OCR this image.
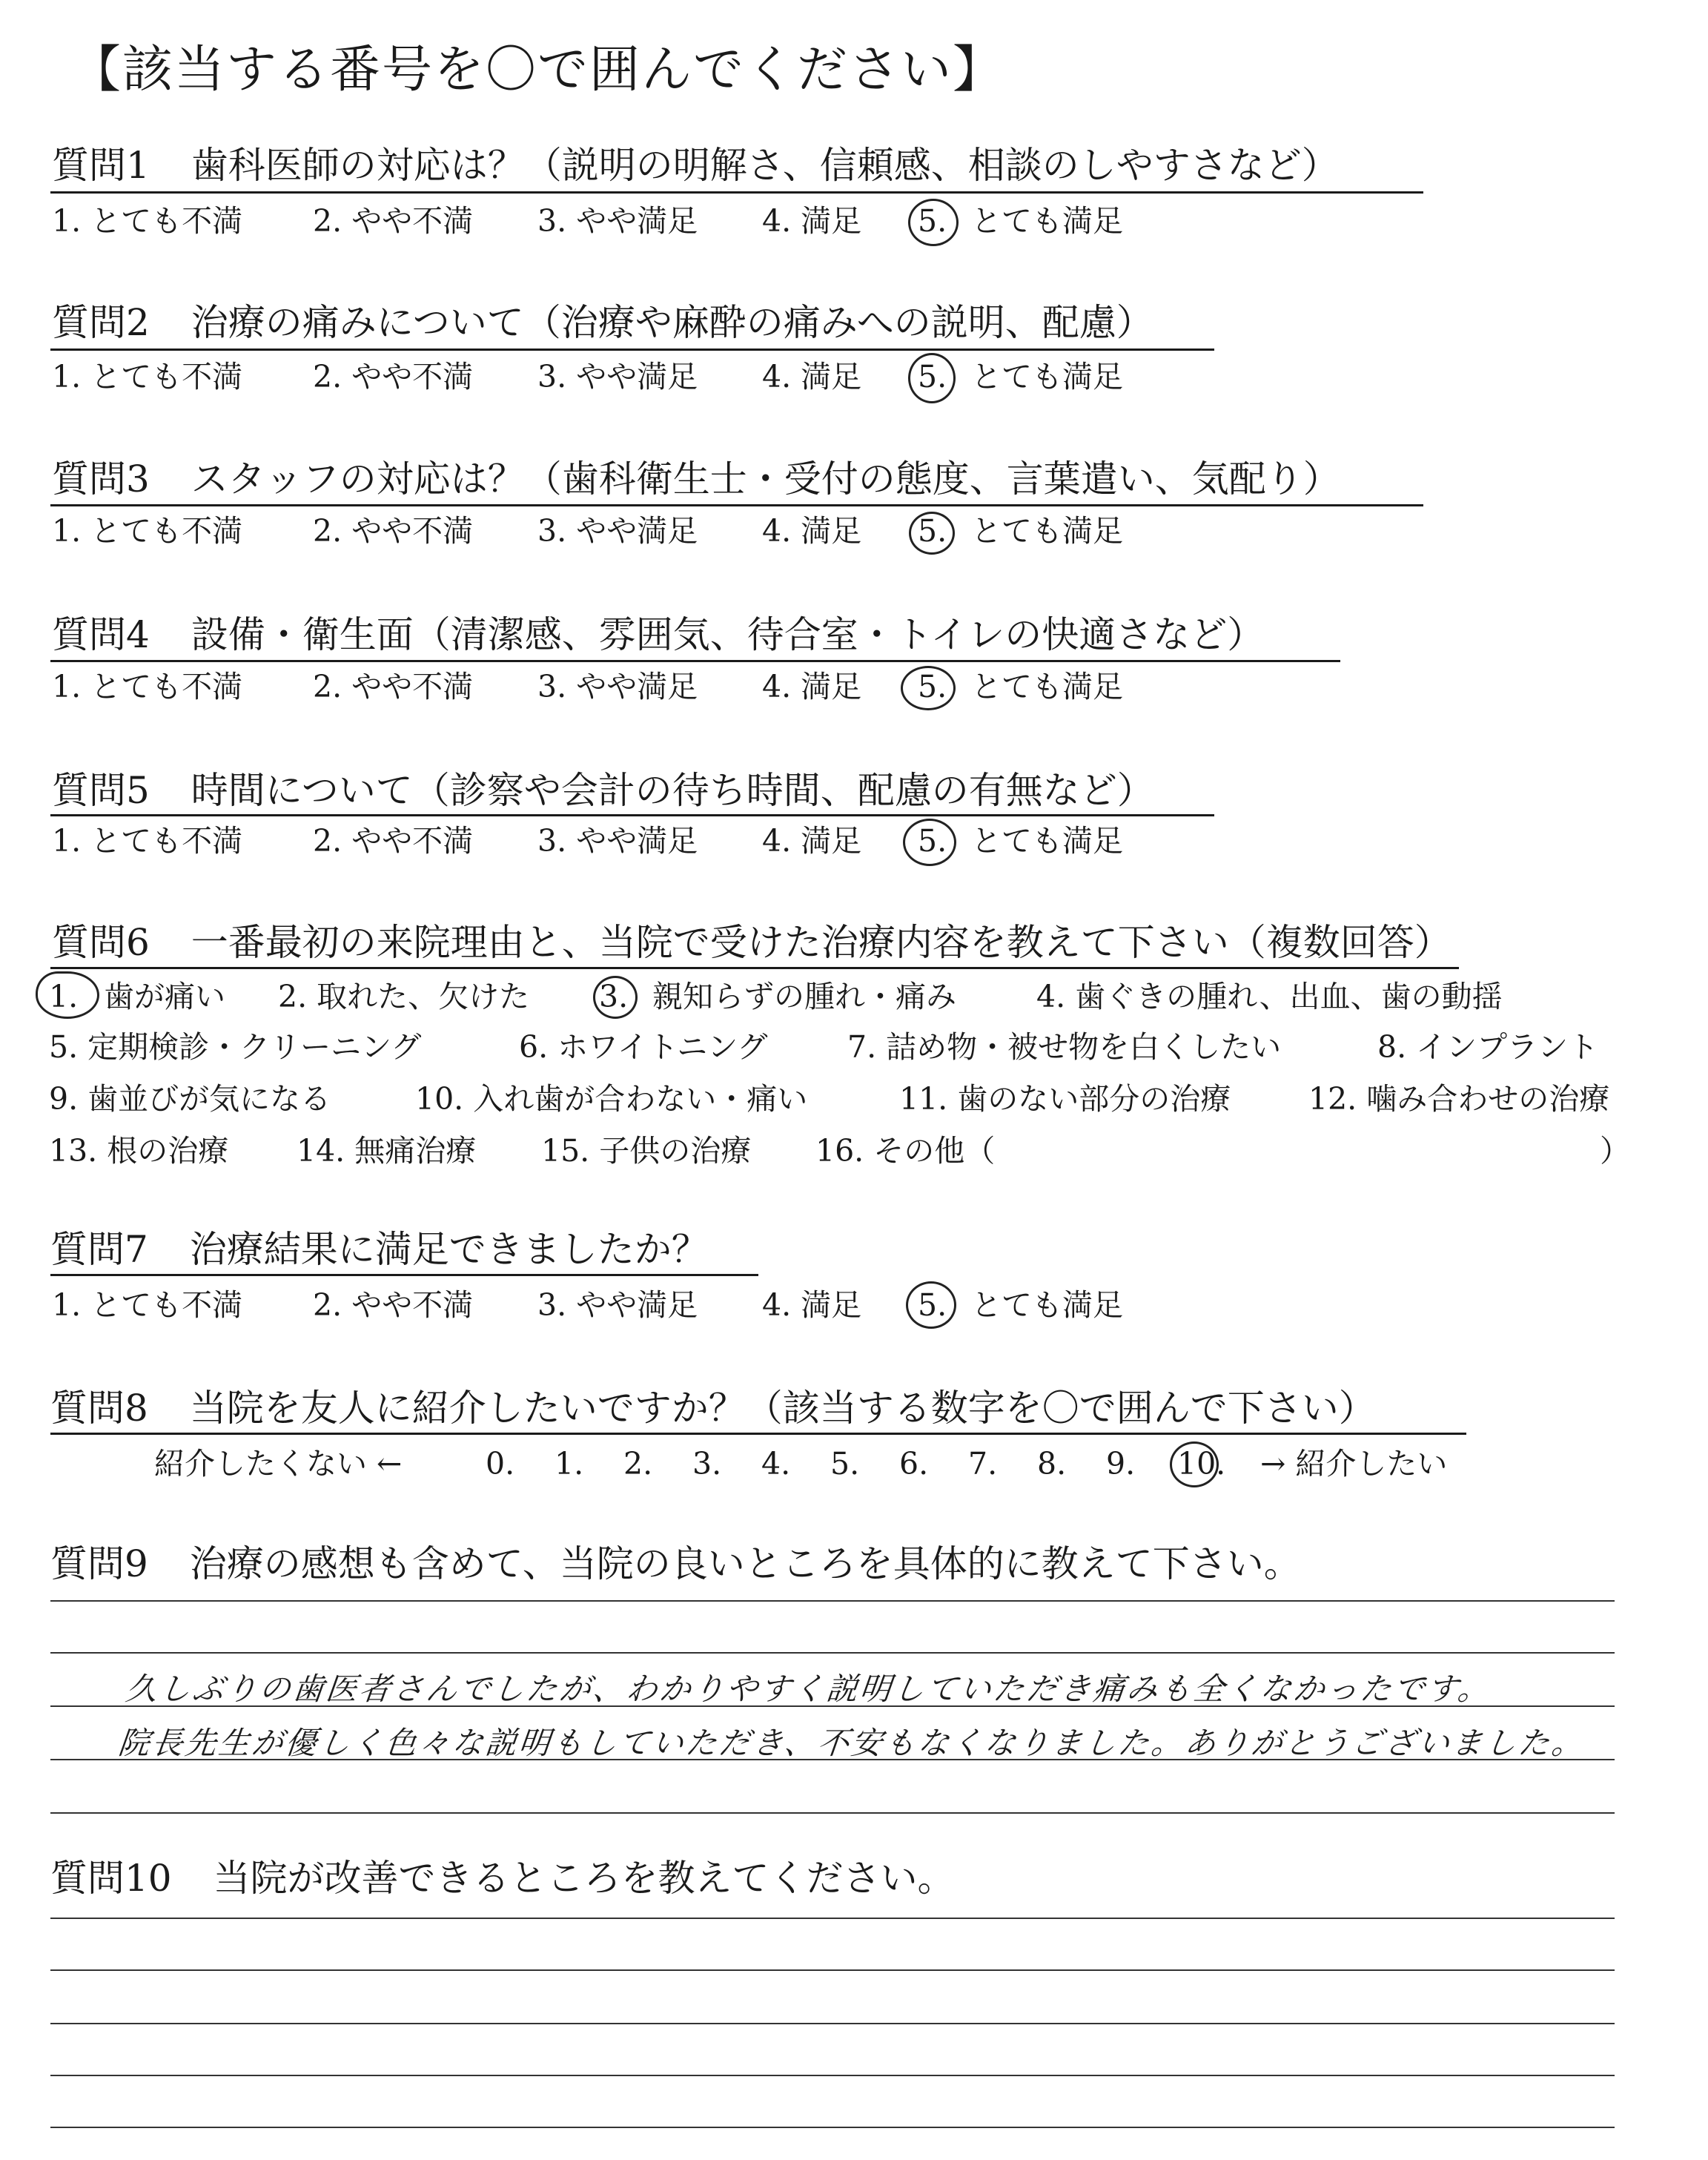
【該当する番号を〇で囲んでください】
質問1 歯科医師の対応は？（説明の明解さ、信頼感、相談のしやすさなど）
1. とても不満 2. やや不満 3. やや満足 4. 満足 5. とても満足
質問2 治療の痛みについて（治療や麻酔の痛みへの説明、配慮）
1. とても不満 2. やや不満 3. やや満足 4. 満足 5. とても満足
質問3 スタッフの対応は？（歯科衛生士・受付の態度、言葉遣い、気配り）
1. とても不満 2. やや不満 3. やや満足 4. 満足 5. とても満足
質問4 設備・衛生面（清潔感、雰囲気、待合室・トイレの快適さなど）
1. とても不満 2. やや不満 3. やや満足 4. 満足 5. とても満足
質問5 時間について（診察や会計の待ち時間、配慮の有無など）
1. とても不満 2. やや不満 3. やや満足 4. 満足 5. とても満足
質問6 一番最初の来院理由と、当院で受けた治療内容を教えて下さい（複数回答）
1. 歯が痛い 2. 取れた、欠けた 3. 親知らずの腫れ・痛み	4. 歯ぐきの腫れ、出血、歯の動揺
5. 定期検診・クリーニング	6. ホワイトニング	7. 詰め物・被せ物を白くしたい	8. インプラント
9. 歯並びが気になる	10. 入れ歯が合わない・痛い	11. 歯のない部分の治療	12. 噛み合わせの治療
13. 根の治療 14. 無痛治療 15. 子供の治療 16. その他（	）
質問7 治療結果に満足できましたか？
1. とても不満 2. やや不満 3. やや満足 4. 満足 5. とても満足
質問8 当院を友人に紹介したいですか？（該当する数字を〇で囲んで下さい）
紹介したくない ←	0. 1. 2. 3. 4. 5. 6. 7. 8. 9. 10. → 紹介したい
質問9 治療の感想も含めて、当院の良いところを具体的に教えて下さい。
久しぶりの歯医者さんでしたが、わかりやすく説明していただき痛みも全くなかったです。
院長先生が優しく色々な説明もしていただき、不安もなくなりました。ありがとうございました。
質問10 当院が改善できるところを教えてください。
